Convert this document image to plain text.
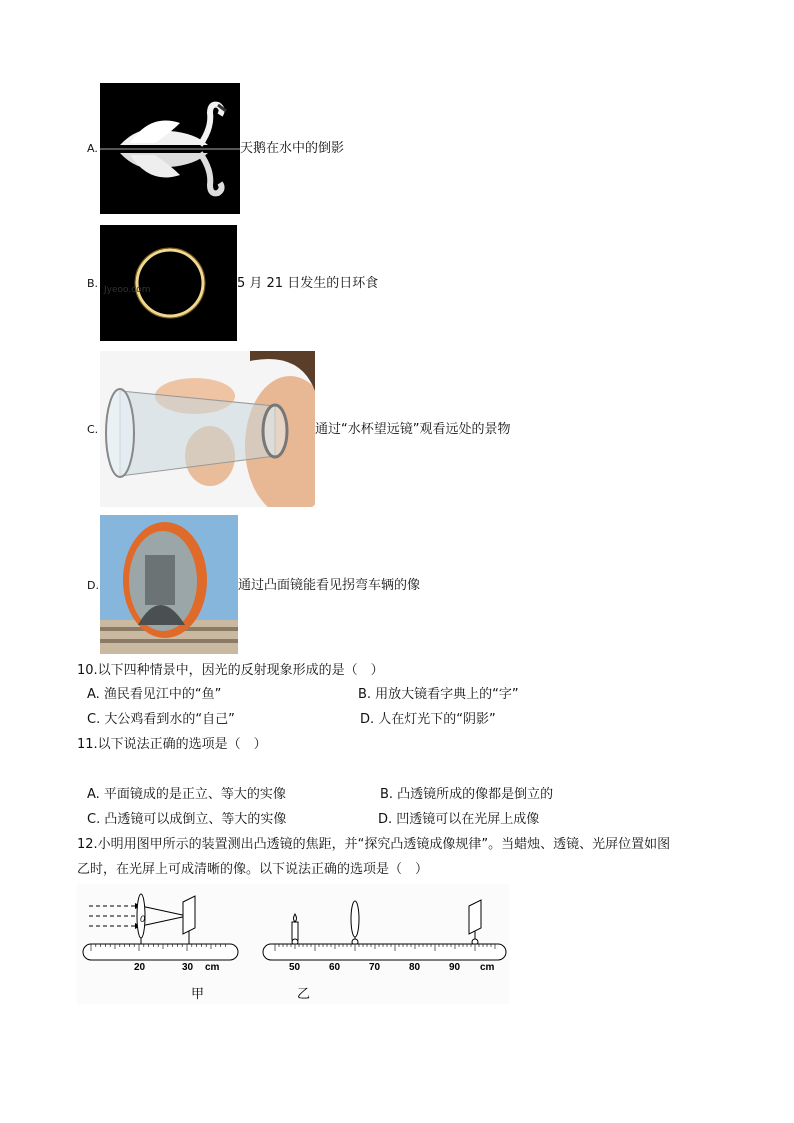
A.	天鹅在水中的倒影
B. Jyeoo.com	5 月 21 日发生的日环食
C.	通过“水杯望远镜”观看远处的景物
D.	通过凸面镜能看见拐弯车辆的像
10.以下四种情景中，因光的反射现象形成的是（　）
A. 渔民看见江中的“鱼”	B. 用放大镜看字典上的“字”
C. 大公鸡看到水的“自己”	D. 人在灯光下的“阴影”
11.以下说法正确的选项是（　）
A. 平面镜成的是正立、等大的实像	B. 凸透镜所成的像都是倒立的
C. 凸透镜可以成倒立、等大的实像	D. 凹透镜可以在光屏上成像
12.小明用图甲所示的装置测出凸透镜的焦距，并“探究凸透镜成像规律”。当蜡烛、透镜、光屏位置如图
乙时，在光屏上可成清晰的像。以下说法正确的选项是（　）
0
20	30 cm
甲
50	60	70	80	90 cm
乙
